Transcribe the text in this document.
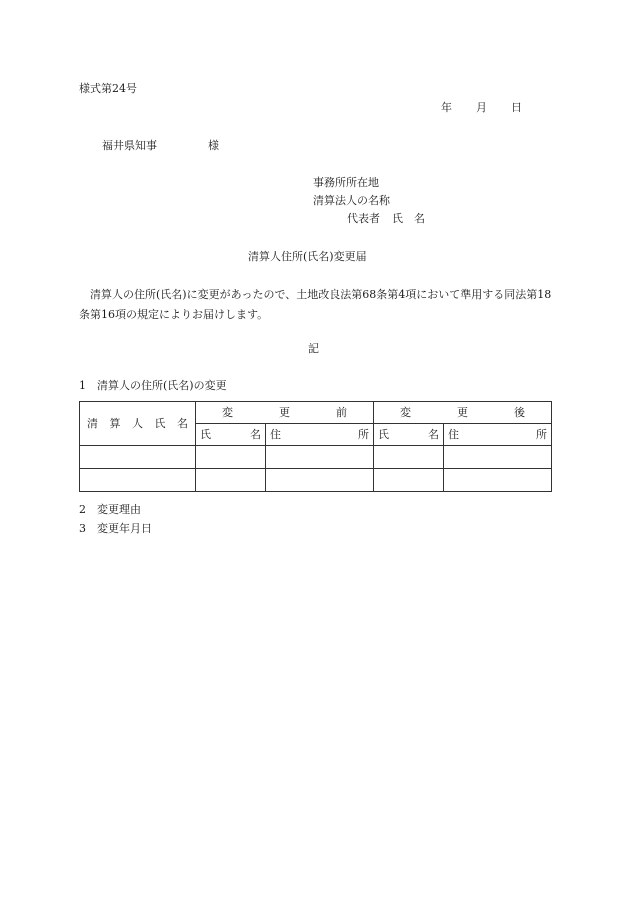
様式第24号
年 月 日
福井県知事	様
事務所所在地
清算法人の名称
代表者 氏　名
清算人住所(氏名)変更届
清算人の住所(氏名)に変更があったので、土地改良法第68条第4項において準用する同法第18条第16項の規定によりお届けします。
記
1　清算人の住所(氏名)の変更
清 算 人 氏 名	変 更 前		変 更 後	

	氏 名	住 所	氏 名	住 所

2　変更理由
3　変更年月日
